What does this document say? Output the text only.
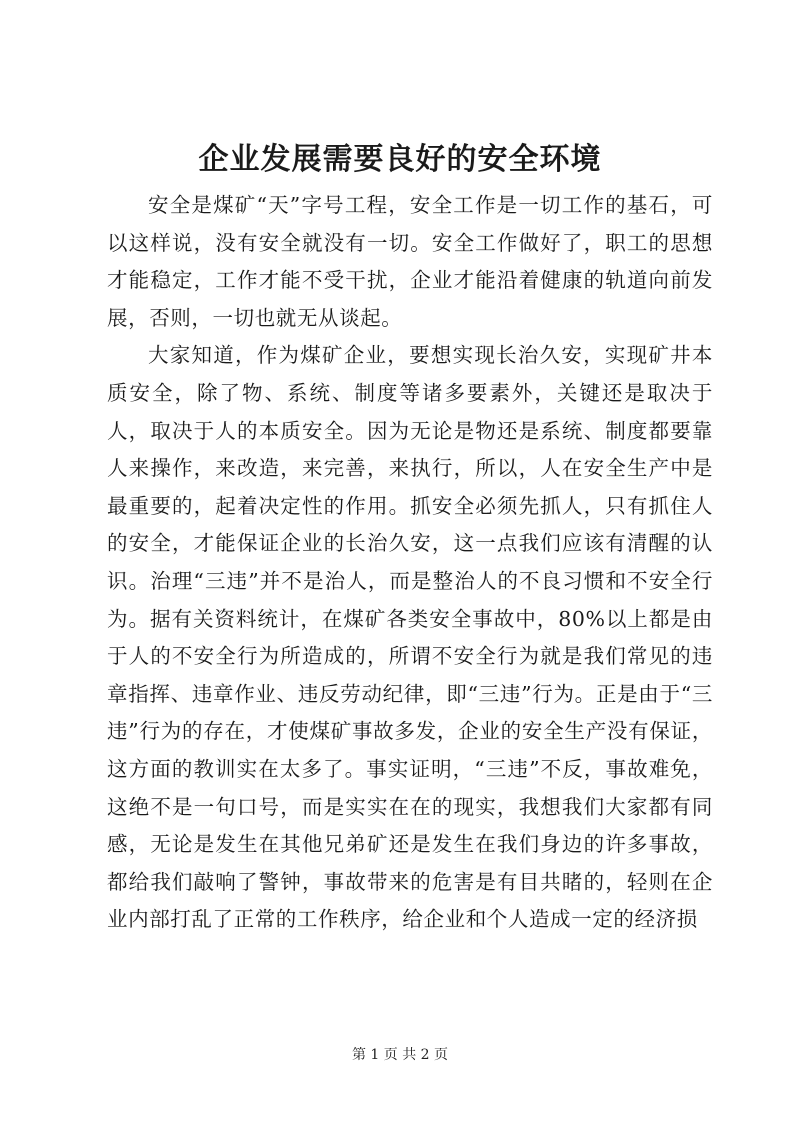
企业发展需要良好的安全环境

安全是煤矿“天”字号工程，安全工作是一切工作的基石，可以这样说，没有安全就没有一切。安全工作做好了，职工的思想才能稳定，工作才能不受干扰，企业才能沿着健康的轨道向前发展，否则，一切也就无从谈起。

大家知道，作为煤矿企业，要想实现长治久安，实现矿井本质安全，除了物、系统、制度等诸多要素外，关键还是取决于人，取决于人的本质安全。因为无论是物还是系统、制度都要靠人来操作，来改造，来完善，来执行，所以，人在安全生产中是最重要的，起着决定性的作用。抓安全必须先抓人，只有抓住人的安全，才能保证企业的长治久安，这一点我们应该有清醒的认识。治理“三违”并不是治人，而是整治人的不良习惯和不安全行为。据有关资料统计，在煤矿各类安全事故中，80%以上都是由于人的不安全行为所造成的，所谓不安全行为就是我们常见的违章指挥、违章作业、违反劳动纪律，即“三违”行为。正是由于“三违”行为的存在，才使煤矿事故多发，企业的安全生产没有保证，这方面的教训实在太多了。事实证明，“三违”不反，事故难免，这绝不是一句口号，而是实实在在的现实，我想我们大家都有同感，无论是发生在其他兄弟矿还是发生在我们身边的许多事故，都给我们敲响了警钟，事故带来的危害是有目共睹的，轻则在企业内部打乱了正常的工作秩序，给企业和个人造成一定的经济损

第 1 页 共 2 页
